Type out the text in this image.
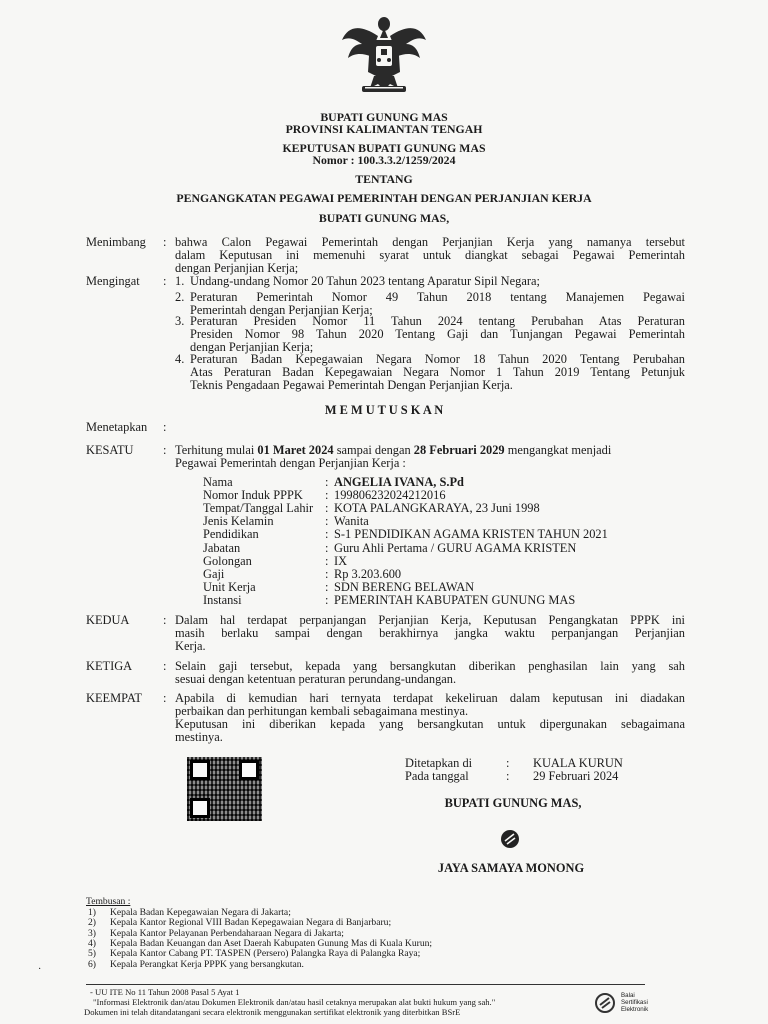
BUPATI GUNUNG MAS
PROVINSI KALIMANTAN TENGAH
KEPUTUSAN BUPATI GUNUNG MAS
Nomor : 100.3.3.2/1259/2024
TENTANG
PENGANGKATAN PEGAWAI PEMERINTAH DENGAN PERJANJIAN KERJA
BUPATI GUNUNG MAS,
Menimbang : bahwa Calon Pegawai Pemerintah dengan Perjanjian Kerja yang namanya tersebut
dalam Keputusan ini memenuhi syarat untuk diangkat sebagai Pegawai Pemerintah
dengan Perjanjian Kerja;
Mengingat : 1. Undang-undang Nomor 20 Tahun 2023 tentang Aparatur Sipil Negara;
2. Peraturan Pemerintah Nomor 49 Tahun 2018 tentang Manajemen Pegawai
Pemerintah dengan Perjanjian Kerja;
3. Peraturan Presiden Nomor 11 Tahun 2024 tentang Perubahan Atas Peraturan
Presiden Nomor 98 Tahun 2020 Tentang Gaji dan Tunjangan Pegawai Pemerintah
dengan Perjanjian Kerja;
4. Peraturan Badan Kepegawaian Negara Nomor 18 Tahun 2020 Tentang Perubahan
Atas Peraturan Badan Kepegawaian Negara Nomor 1 Tahun 2019 Tentang Petunjuk
Teknis Pengadaan Pegawai Pemerintah Dengan Perjanjian Kerja.
M E M U T U S K A N
Menetapkan :
KESATU : Terhitung mulai 01 Maret 2024 sampai dengan 28 Februari 2029 mengangkat menjadi
Pegawai Pemerintah dengan Perjanjian Kerja :
Nama	: ANGELIA IVANA, S.Pd
Nomor Induk PPPK : 199806232024212016
Tempat/Tanggal Lahir : KOTA PALANGKARAYA, 23 Juni 1998
Jenis Kelamin	: Wanita
Pendidikan	: S-1 PENDIDIKAN AGAMA KRISTEN TAHUN 2021
Jabatan	: Guru Ahli Pertama / GURU AGAMA KRISTEN
Golongan	: IX
Gaji	: Rp 3.203.600
Unit Kerja	: SDN BERENG BELAWAN
Instansi	: PEMERINTAH KABUPATEN GUNUNG MAS
KEDUA	: Dalam hal terdapat perpanjangan Perjanjian Kerja, Keputusan Pengangkatan PPPK ini
masih berlaku sampai dengan berakhirnya jangka waktu perpanjangan Perjanjian
Kerja.
KETIGA : Selain gaji tersebut, kepada yang bersangkutan diberikan penghasilan lain yang sah
sesuai dengan ketentuan peraturan perundang-undangan.
KEEMPAT : Apabila di kemudian hari ternyata terdapat kekeliruan dalam keputusan ini diadakan
perbaikan dan perhitungan kembali sebagaimana mestinya.
Keputusan ini diberikan kepada yang bersangkutan untuk dipergunakan sebagaimana
mestinya.
Ditetapkan di	: KUALA KURUN
Pada tanggal	: 29 Februari 2024
BUPATI GUNUNG MAS,
JAYA SAMAYA MONONG
Tembusan :
1) Kepala Badan Kepegawaian Negara di Jakarta;
2) Kepala Kantor Regional VIII Badan Kepegawaian Negara di Banjarbaru;
3) Kepala Kantor Pelayanan Perbendaharaan Negara di Jakarta;
4) Kepala Badan Keuangan dan Aset Daerah Kabupaten Gunung Mas di Kuala Kurun;
5) Kepala Kantor Cabang PT. TASPEN (Persero) Palangka Raya di Palangka Raya;
6) Kepala Perangkat Kerja PPPK yang bersangkutan.
·
- UU ITE No 11 Tahun 2008 Pasal 5 Ayat 1
"Informasi Elektronik dan/atau Dokumen Elektronik dan/atau hasil cetaknya merupakan alat bukti hukum yang sah."
Dokumen ini telah ditandatangani secara elektronik menggunakan sertifikat elektronik yang diterbitkan BSrE
Balai
Sertifikasi
Elektronik
